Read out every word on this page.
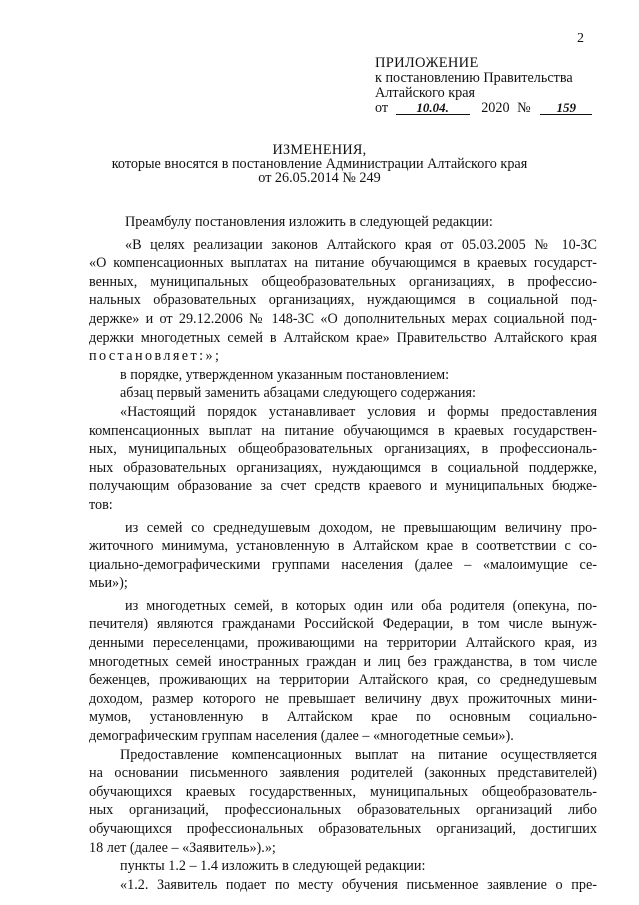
2
ПРИЛОЖЕНИЕ
к постановлению Правительства
Алтайского края
от 10.04. 2020 № 159
ИЗМЕНЕНИЯ,
которые вносятся в постановление Администрации Алтайского края
от 26.05.2014 № 249
Преамбулу постановления изложить в следующей редакции:
«В целях реализации законов Алтайского края от 05.03.2005 № 10-ЗС
«О компенсационных выплатах на питание обучающимся в краевых государст-
венных, муниципальных общеобразовательных организациях, в профессио-
нальных образовательных организациях, нуждающимся в социальной под-
держке» и от 29.12.2006 № 148-ЗС «О дополнительных мерах социальной под-
держки многодетных семей в Алтайском крае» Правительство Алтайского края
постановляет:»;
в порядке, утвержденном указанным постановлением:
абзац первый заменить абзацами следующего содержания:
«Настоящий порядок устанавливает условия и формы предоставления
компенсационных выплат на питание обучающимся в краевых государствен-
ных, муниципальных общеобразовательных организациях, в профессиональ-
ных образовательных организациях, нуждающимся в социальной поддержке,
получающим образование за счет средств краевого и муниципальных бюдже-
тов:
из семей со среднедушевым доходом, не превышающим величину про-
житочного минимума, установленную в Алтайском крае в соответствии с со-
циально-демографическими группами населения (далее – «малоимущие се-
мьи»);
из многодетных семей, в которых один или оба родителя (опекуна, по-
печителя) являются гражданами Российской Федерации, в том числе вынуж-
денными переселенцами, проживающими на территории Алтайского края, из
многодетных семей иностранных граждан и лиц без гражданства, в том числе
беженцев, проживающих на территории Алтайского края, со среднедушевым
доходом, размер которого не превышает величину двух прожиточных мини-
мумов, установленную в Алтайском крае по основным социально-
демографическим группам населения (далее – «многодетные семьи»).
Предоставление компенсационных выплат на питание осуществляется
на основании письменного заявления родителей (законных представителей)
обучающихся краевых государственных, муниципальных общеобразователь-
ных организаций, профессиональных образовательных организаций либо
обучающихся профессиональных образовательных организаций, достигших
18 лет (далее – «Заявитель»).»;
пункты 1.2 – 1.4 изложить в следующей редакции:
«1.2. Заявитель подает по месту обучения письменное заявление о пре-
